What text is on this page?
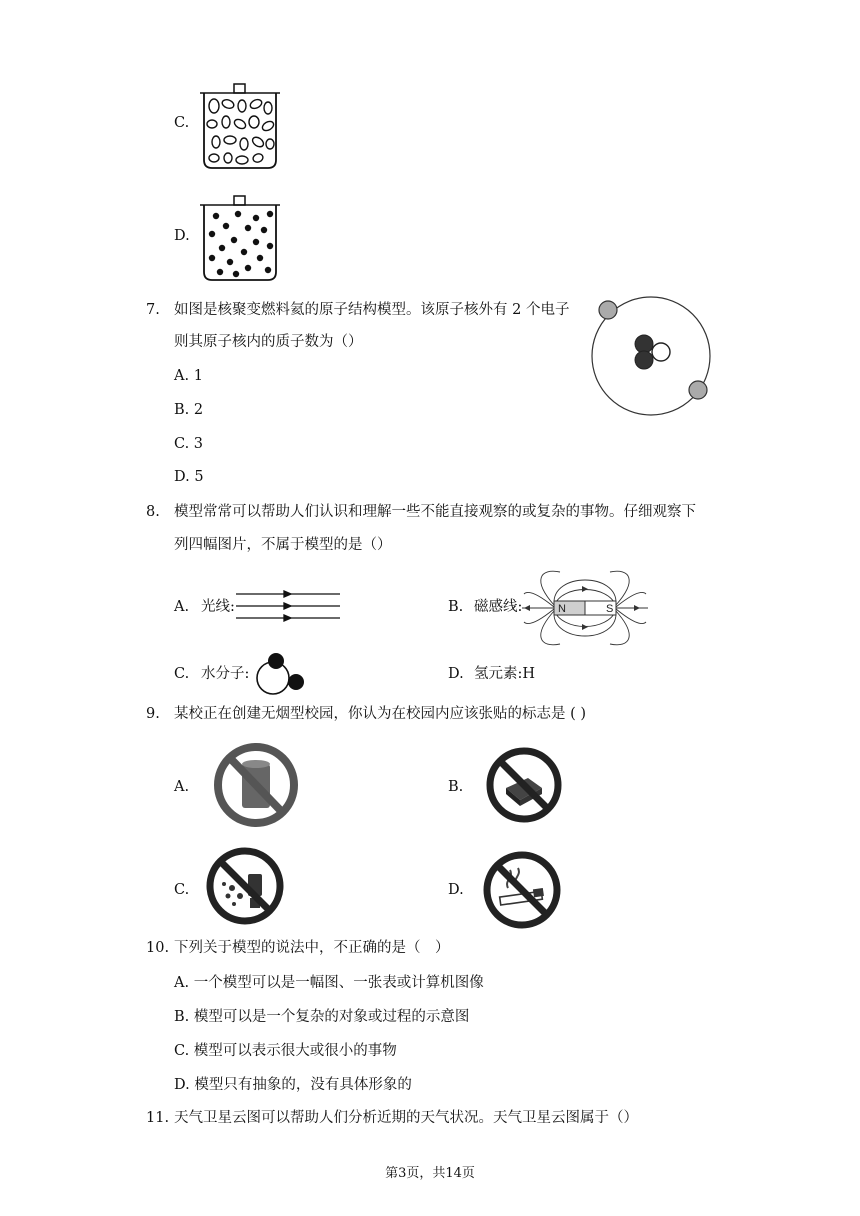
C.
D.
7. 如图是核聚变燃料氦的原子结构模型。该原子核外有 2 个电子
则其原子核内的质子数为（）
A. 1
B. 2
C. 3
D. 5
8. 模型常常可以帮助人们认识和理解一些不能直接观察的或复杂的事物。仔细观察下
列四幅图片，不属于模型的是（）
A. 光线:	B. 磁感线:	N	S
C. 水分子:	D. 氢元素:H
9. 某校正在创建无烟型校园，你认为在校园内应该张贴的标志是 ( )
A.	B.
C.	D.
10. 下列关于模型的说法中，不正确的是（　）
A. 一个模型可以是一幅图、一张表或计算机图像
B. 模型可以是一个复杂的对象或过程的示意图
C. 模型可以表示很大或很小的事物
D. 模型只有抽象的，没有具体形象的
11. 天气卫星云图可以帮助人们分析近期的天气状况。天气卫星云图属于（）
第3页，共14页
